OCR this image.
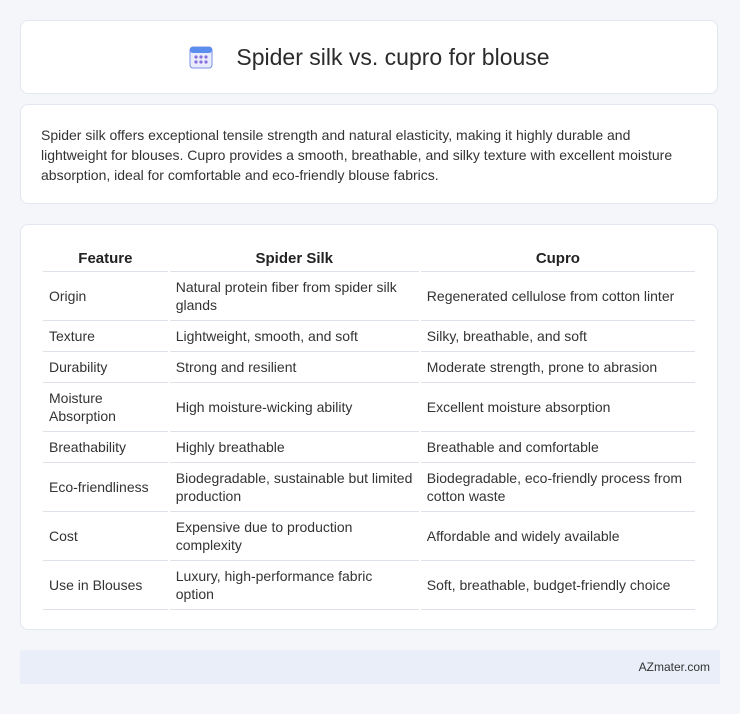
Spider silk vs. cupro for blouse

Spider silk offers exceptional tensile strength and natural elasticity, making it highly durable and lightweight for blouses. Cupro provides a smooth, breathable, and silky texture with excellent moisture absorption, ideal for comfortable and eco-friendly blouse fabrics.

Feature	Spider Silk	Cupro
Origin	Natural protein fiber from spider silk glands	Regenerated cellulose from cotton linter
Texture	Lightweight, smooth, and soft	Silky, breathable, and soft
Durability	Strong and resilient	Moderate strength, prone to abrasion
Moisture Absorption	High moisture-wicking ability	Excellent moisture absorption
Breathability	Highly breathable	Breathable and comfortable
Eco-friendliness	Biodegradable, sustainable but limited production	Biodegradable, eco-friendly process from cotton waste
Cost	Expensive due to production complexity	Affordable and widely available
Use in Blouses	Luxury, high-performance fabric option	Soft, breathable, budget-friendly choice
AZmater.com
